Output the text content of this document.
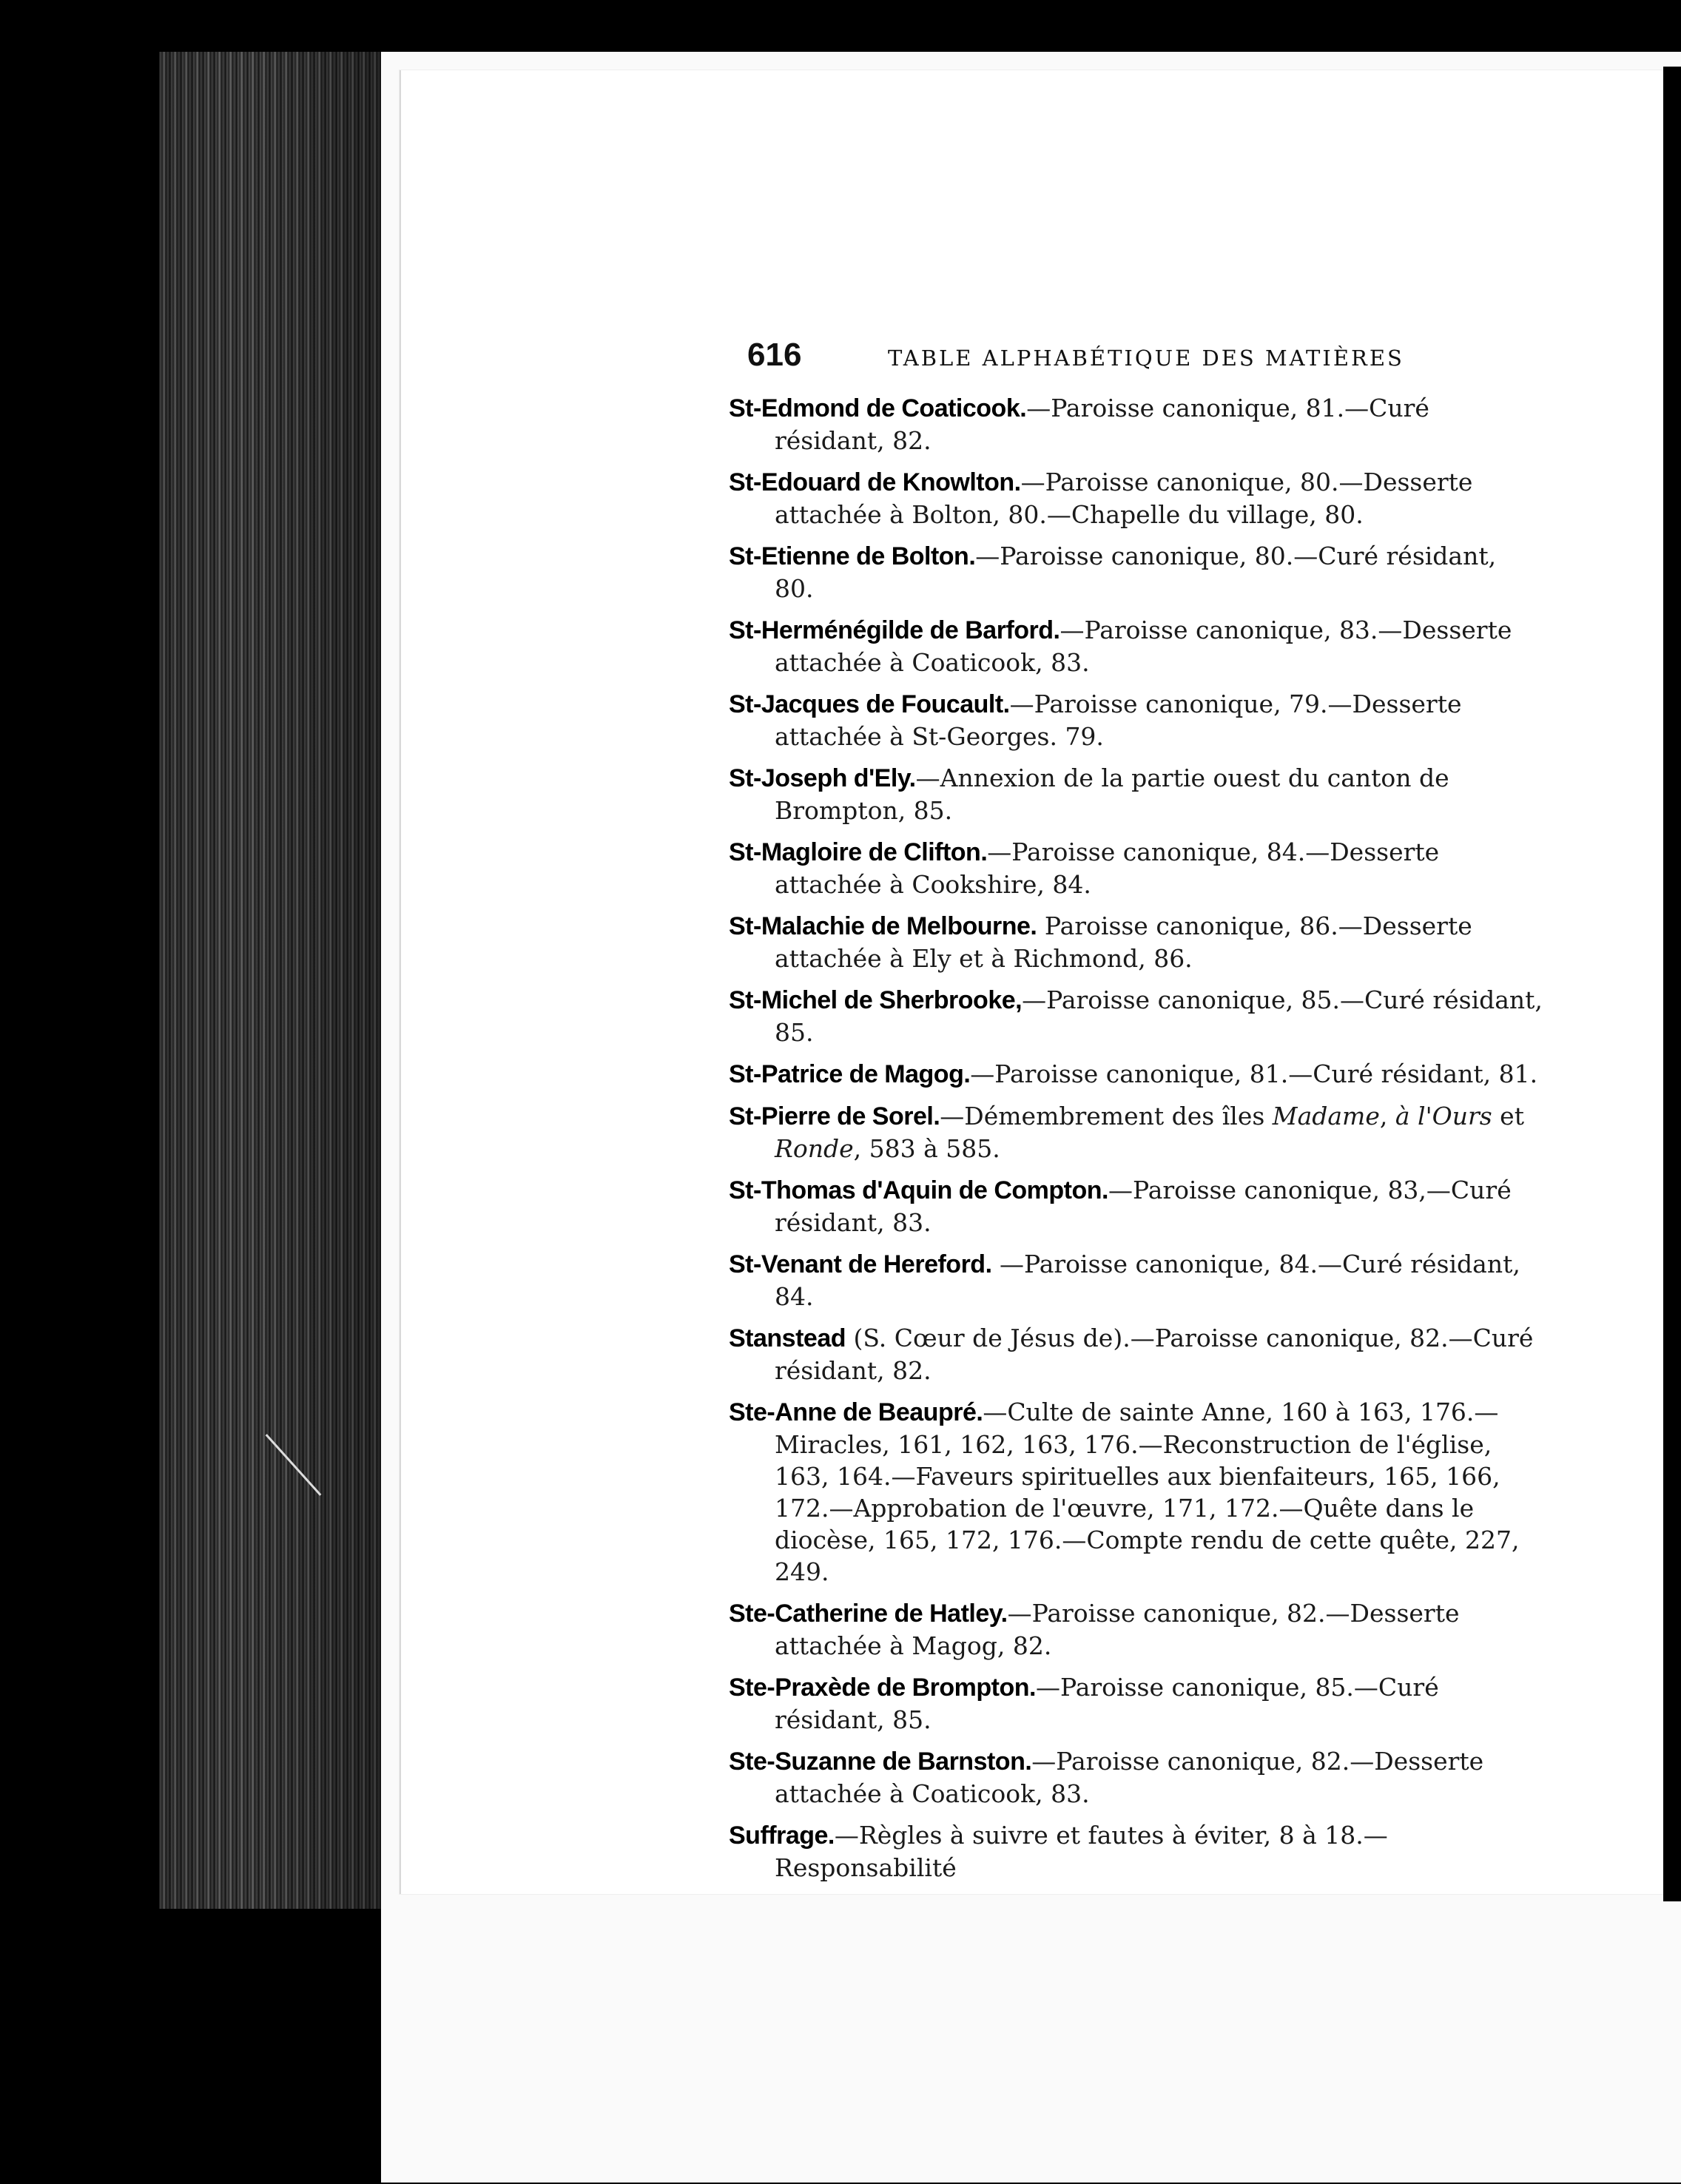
616	TABLE ALPHABÉTIQUE DES MATIÈRES
St-Edmond de Coaticook.—Paroisse canonique, 81.—Curé résidant, 82.
St-Edouard de Knowlton.—Paroisse canonique, 80.—Desserte attachée à Bolton, 80.—Chapelle du village, 80.
St-Etienne de Bolton.—Paroisse canonique, 80.—Curé résidant, 80.
St-Herménégilde de Barford.—Paroisse canonique, 83.—Desserte attachée à Coaticook, 83.
St-Jacques de Foucault.—Paroisse canonique, 79.—Desserte attachée à St-Georges. 79.
St-Joseph d'Ely.—Annexion de la partie ouest du canton de Brompton, 85.
St-Magloire de Clifton.—Paroisse canonique, 84.—Desserte attachée à Cookshire, 84.
St-Malachie de Melbourne. Paroisse canonique, 86.—Desserte attachée à Ely et à Richmond, 86.
St-Michel de Sherbrooke,—Paroisse canonique, 85.—Curé résidant, 85.
St-Patrice de Magog.—Paroisse canonique, 81.—Curé résidant, 81.
St-Pierre de Sorel.—Démembrement des îles Madame, à l'Ours et Ronde, 583 à 585.
St-Thomas d'Aquin de Compton.—Paroisse canonique, 83,—Curé résidant, 83.
St-Venant de Hereford. —Paroisse canonique, 84.—Curé résidant, 84.
Stanstead (S. Cœur de Jésus de).—Paroisse canonique, 82.—Curé résidant, 82.
Ste-Anne de Beaupré.—Culte de sainte Anne, 160 à 163, 176.—Miracles, 161, 162, 163, 176.—Reconstruction de l'église, 163, 164.—Faveurs spirituelles aux bienfaiteurs, 165, 166, 172.—Approbation de l'œuvre, 171, 172.—Quête dans le diocèse, 165, 172, 176.—Compte rendu de cette quête, 227, 249.
Ste-Catherine de Hatley.—Paroisse canonique, 82.—Desserte attachée à Magog, 82.
Ste-Praxède de Brompton.—Paroisse canonique, 85.—Curé résidant, 85.
Ste-Suzanne de Barnston.—Paroisse canonique, 82.—Desserte attachée à Coaticook, 83.
Suffrage.—Règles à suivre et fautes à éviter, 8 à 18.—Responsabilité
